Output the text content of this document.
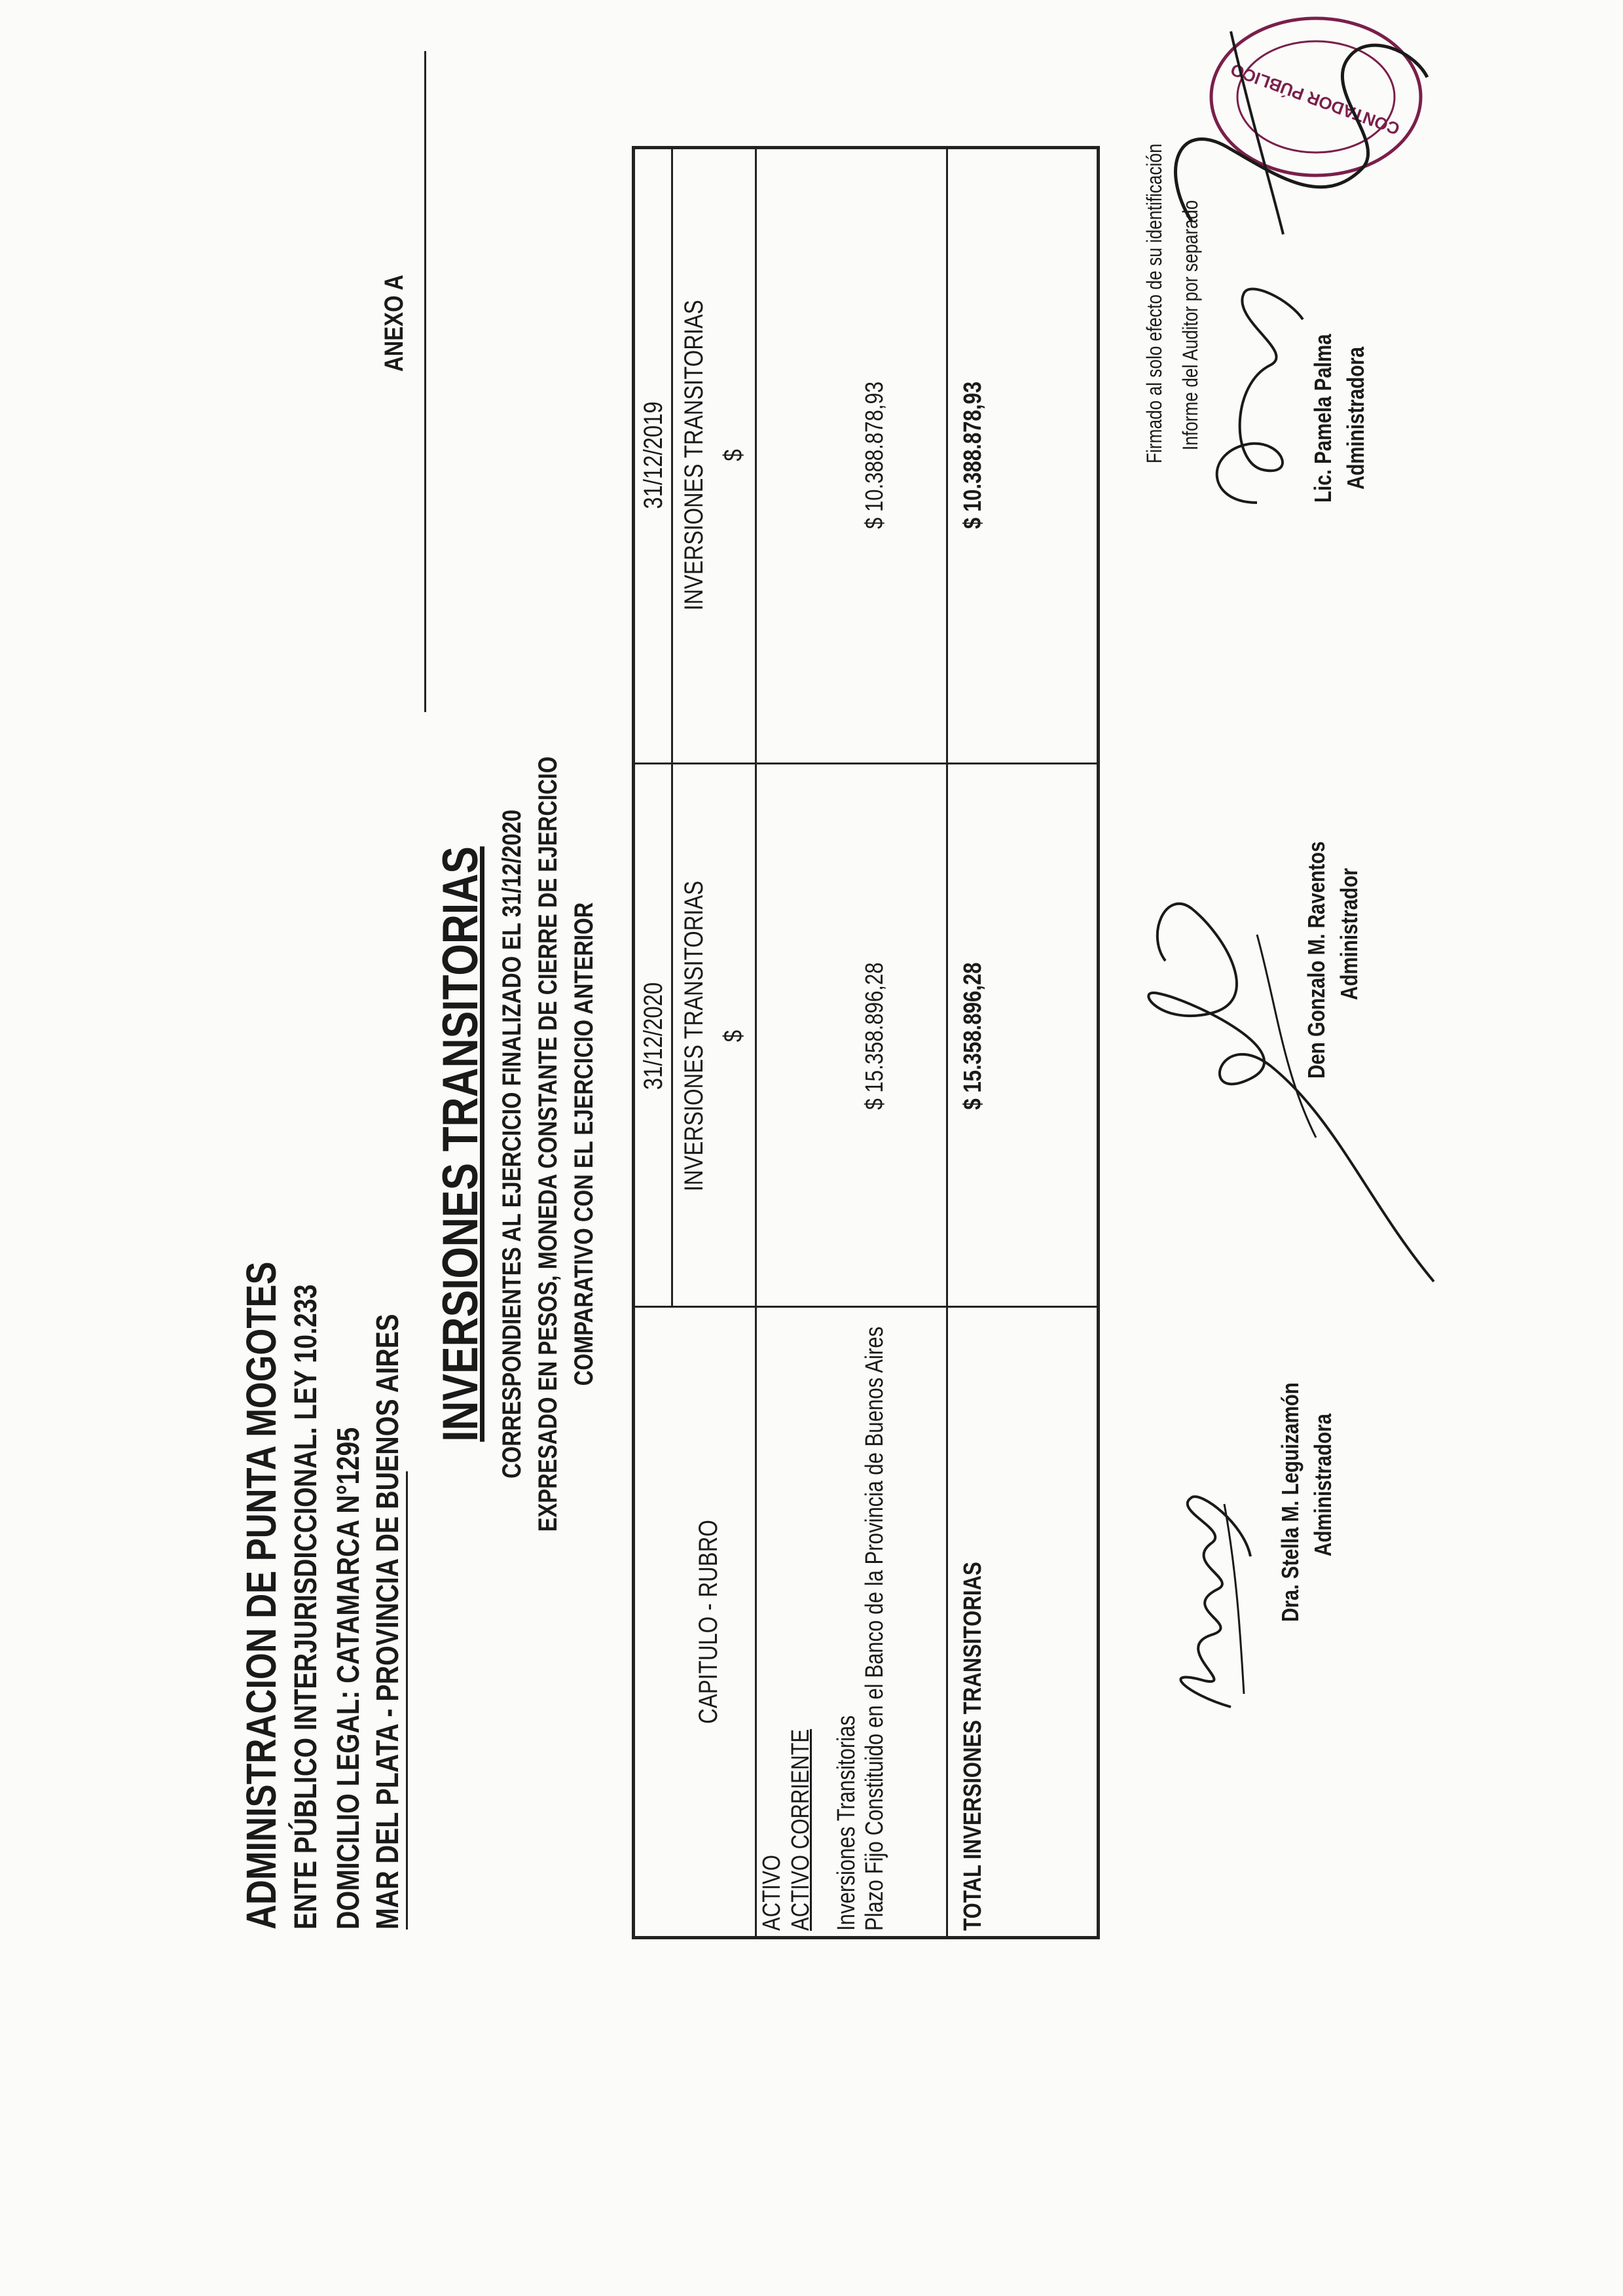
ADMINISTRACION DE PUNTA MOGOTES ENTE PÚBLICO INTERJURISDICCIONAL. LEY 10.233 DOMICILIO LEGAL: CATAMARCA N°1295 MAR DEL PLATA - PROVINCIA DE BUENOS AIRES
ANEXO A
INVERSIONES TRANSITORIAS CORRESPONDIENTES AL EJERCICIO FINALIZADO EL 31/12/2020 EXPRESADO EN PESOS, MONEDA CONSTANTE DE CIERRE DE EJERCICIO COMPARATIVO CON EL EJERCICIO ANTERIOR
CAPITULO - RUBRO
31/12/2020 INVERSIONES TRANSITORIAS $
31/12/2019 INVERSIONES TRANSITORIAS $
ACTIVO ACTIVO CORRIENTE Inversiones Transitorias Plazo Fijo Constituido en el Banco de la Provincia de Buenos Aires
$ 15.358.896,28
$ 10.388.878,93
TOTAL INVERSIONES TRANSITORIAS
$ 15.358.896,28
$ 10.388.878,93
Dra. Stella M. Leguizamón Administradora
Den Gonzalo M. Raventos Administrador
Lic. Pamela Palma Administradora
Firmado al solo efecto de su identificación Informe del Auditor por separado
CONTADOR PÚBLICO
